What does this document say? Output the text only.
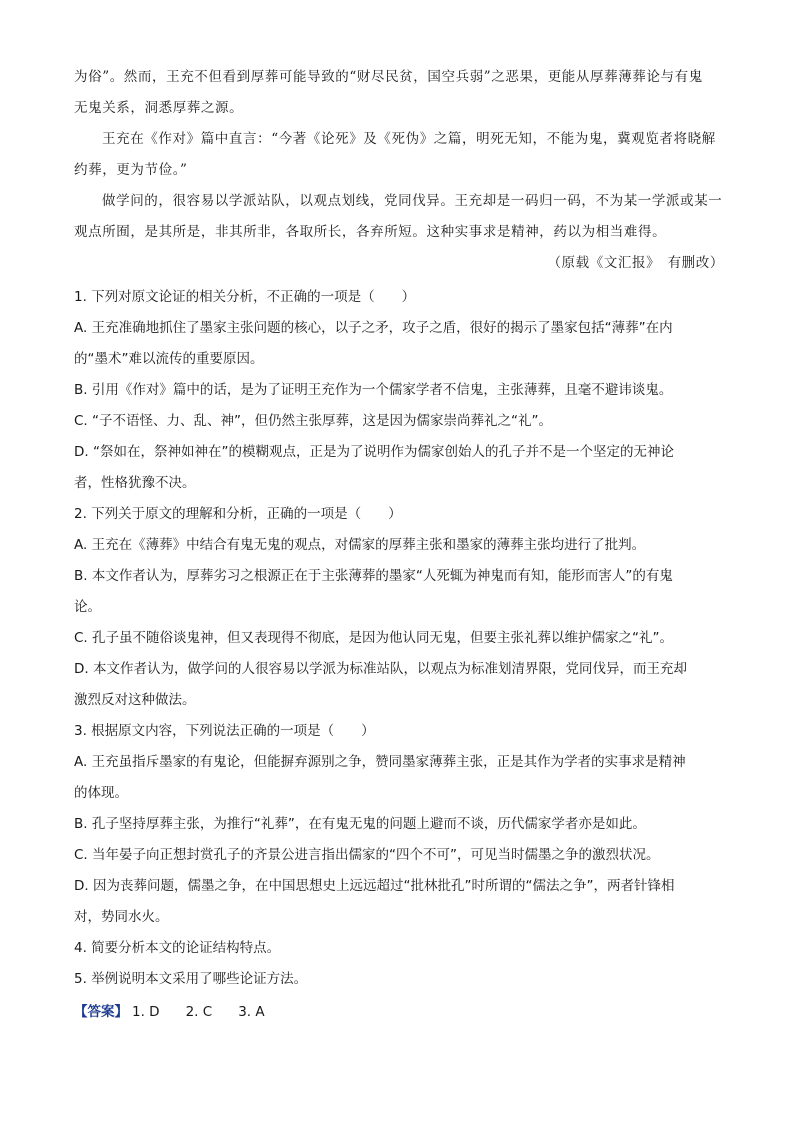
为俗”。然而，王充不但看到厚葬可能导致的“财尽民贫，国空兵弱”之恶果，更能从厚葬薄葬论与有鬼

无鬼关系，洞悉厚葬之源。

王充在《作对》篇中直言：“今著《论死》及《死伪》之篇，明死无知，不能为鬼，冀观览者将晓解

约葬，更为节俭。”

做学问的，很容易以学派站队，以观点划线，党同伐异。王充却是一码归一码，不为某一学派或某一

观点所囿，是其所是，非其所非，各取所长，各弃所短。这种实事求是精神，药以为相当难得。

（原载《文汇报》　有删改）

1. 下列对原文论证的相关分析，不正确的一项是（　　）

A. 王充准确地抓住了墨家主张问题的核心，以子之矛，攻子之盾，很好的揭示了墨家包括“薄葬”在内

的“墨术”难以流传的重要原因。

B. 引用《作对》篇中的话，是为了证明王充作为一个儒家学者不信鬼，主张薄葬，且毫不避讳谈鬼。

C. “子不语怪、力、乱、神”，但仍然主张厚葬，这是因为儒家崇尚葬礼之“礼”。

D. “祭如在，祭神如神在”的模糊观点，正是为了说明作为儒家创始人的孔子并不是一个坚定的无神论

者，性格犹豫不决。

2. 下列关于原文的理解和分析，正确的一项是（　　）

A. 王充在《薄葬》中结合有鬼无鬼的观点，对儒家的厚葬主张和墨家的薄葬主张均进行了批判。

B. 本文作者认为，厚葬劣习之根源正在于主张薄葬的墨家“人死辄为神鬼而有知，能形而害人”的有鬼

论。

C. 孔子虽不随俗谈鬼神，但又表现得不彻底，是因为他认同无鬼，但要主张礼葬以维护儒家之“礼”。

D. 本文作者认为，做学问的人很容易以学派为标准站队，以观点为标准划清界限，党同伐异，而王充却

激烈反对这种做法。

3. 根据原文内容，下列说法正确的一项是（　　）

A. 王充虽指斥墨家的有鬼论，但能摒弃源别之争，赞同墨家薄葬主张，正是其作为学者的实事求是精神

的体现。

B. 孔子坚持厚葬主张，为推行“礼葬”，在有鬼无鬼的问题上避而不谈，历代儒家学者亦是如此。

C. 当年晏子向正想封赏孔子的齐景公进言指出儒家的“四个不可”，可见当时儒墨之争的激烈状况。

D. 因为丧葬问题，儒墨之争，在中国思想史上远远超过“批林批孔”时所谓的“儒法之争”，两者针锋相

对，势同水火。

4. 简要分析本文的论证结构特点。

5. 举例说明本文采用了哪些论证方法。

【答案】 1. D 2. C 3. A
